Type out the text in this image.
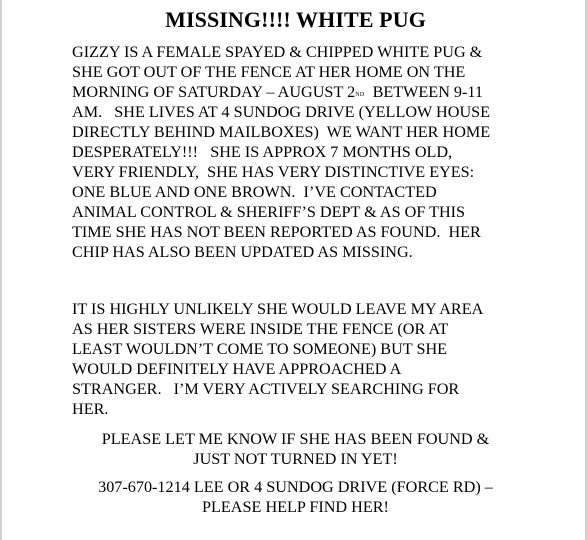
MISSING!!!! WHITE PUG

GIZZY IS A FEMALE SPAYED & CHIPPED WHITE PUG &
SHE GOT OUT OF THE FENCE AT HER HOME ON THE
MORNING OF SATURDAY – AUGUST 2ND  BETWEEN 9-11
AM.   SHE LIVES AT 4 SUNDOG DRIVE (YELLOW HOUSE
DIRECTLY BEHIND MAILBOXES)  WE WANT HER HOME
DESPERATELY!!!   SHE IS APPROX 7 MONTHS OLD,
VERY FRIENDLY,  SHE HAS VERY DISTINCTIVE EYES:
ONE BLUE AND ONE BROWN.  I’VE CONTACTED
ANIMAL CONTROL & SHERIFF’S DEPT & AS OF THIS
TIME SHE HAS NOT BEEN REPORTED AS FOUND.  HER
CHIP HAS ALSO BEEN UPDATED AS MISSING.

IT IS HIGHLY UNLIKELY SHE WOULD LEAVE MY AREA
AS HER SISTERS WERE INSIDE THE FENCE (OR AT
LEAST WOULDN’T COME TO SOMEONE) BUT SHE
WOULD DEFINITELY HAVE APPROACHED A
STRANGER.   I’M VERY ACTIVELY SEARCHING FOR
HER.

PLEASE LET ME KNOW IF SHE HAS BEEN FOUND &
JUST NOT TURNED IN YET!
307-670-1214 LEE OR 4 SUNDOG DRIVE (FORCE RD) –
PLEASE HELP FIND HER!
